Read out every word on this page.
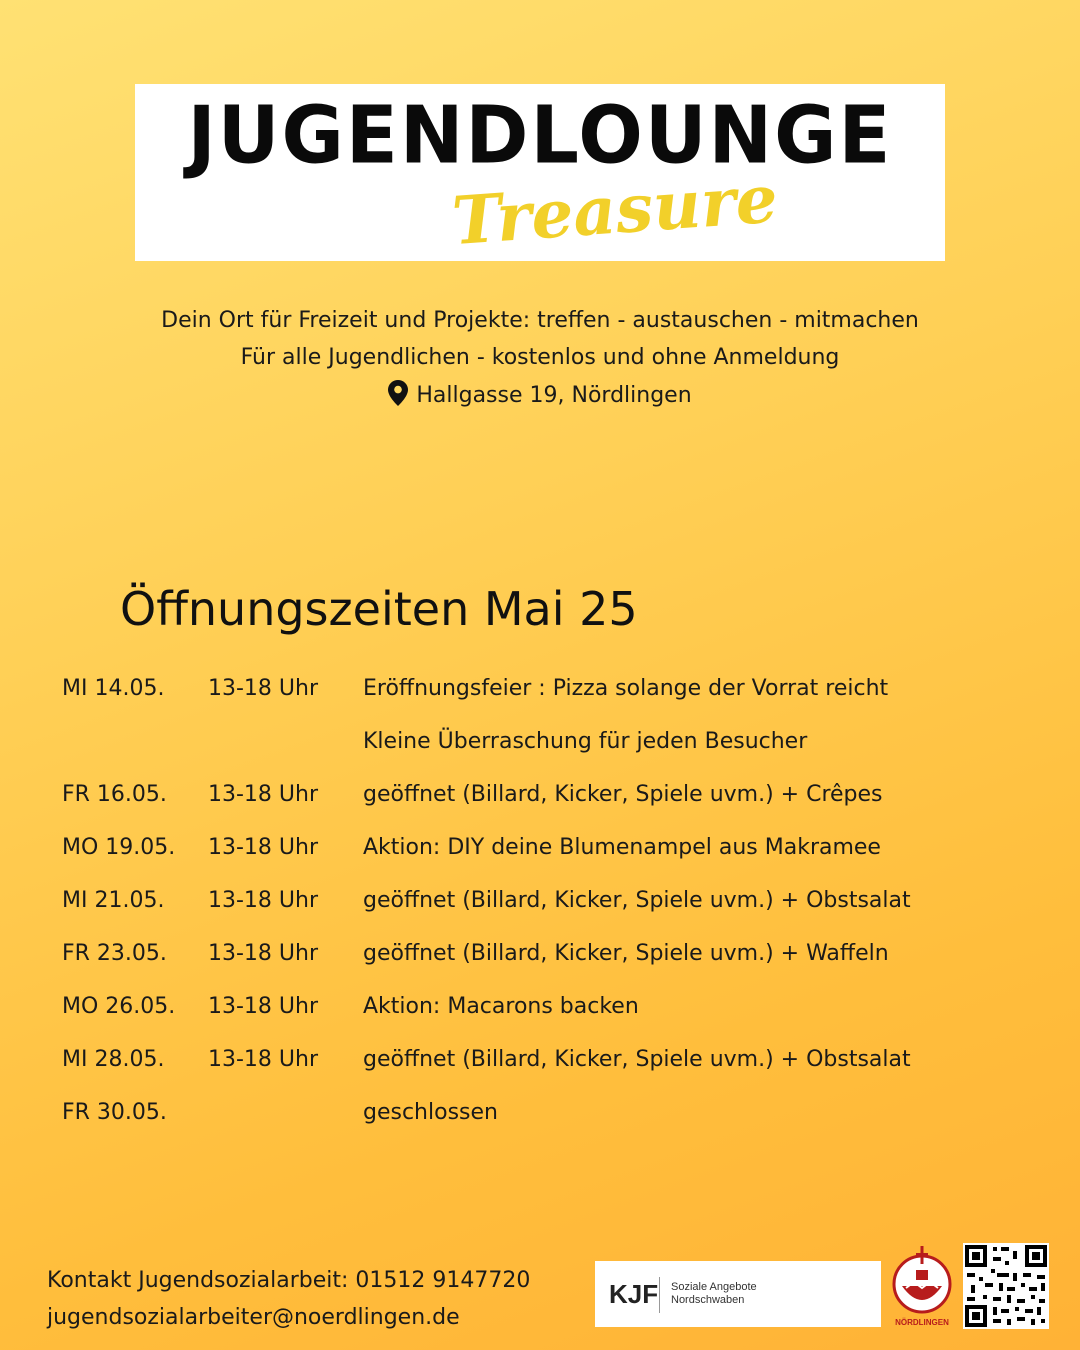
JUGENDLOUNGE
Treasure
Dein Ort für Freizeit und Projekte: treffen - austauschen - mitmachen
Für alle Jugendlichen - kostenlos und ohne Anmeldung
Hallgasse 19, Nördlingen
Öffnungszeiten Mai 25
MI 14.05. 13-18 Uhr Eröffnungsfeier : Pizza solange der Vorrat reicht
Kleine Überraschung für jeden Besucher
FR 16.05. 13-18 Uhr geöffnet (Billard, Kicker, Spiele uvm.) + Crêpes
MO 19.05. 13-18 Uhr Aktion: DIY deine Blumenampel aus Makramee
MI 21.05. 13-18 Uhr geöffnet (Billard, Kicker, Spiele uvm.) + Obstsalat
FR 23.05. 13-18 Uhr geöffnet (Billard, Kicker, Spiele uvm.) + Waffeln
MO 26.05. 13-18 Uhr Aktion: Macarons backen
MI 28.05. 13-18 Uhr geöffnet (Billard, Kicker, Spiele uvm.) + Obstsalat
FR 30.05.	geschlossen
Kontakt Jugendsozialarbeit: 01512 9147720
jugendsozialarbeiter@noerdlingen.de
KJF Soziale Angebote
Nordschwaben
NÖRDLINGEN
